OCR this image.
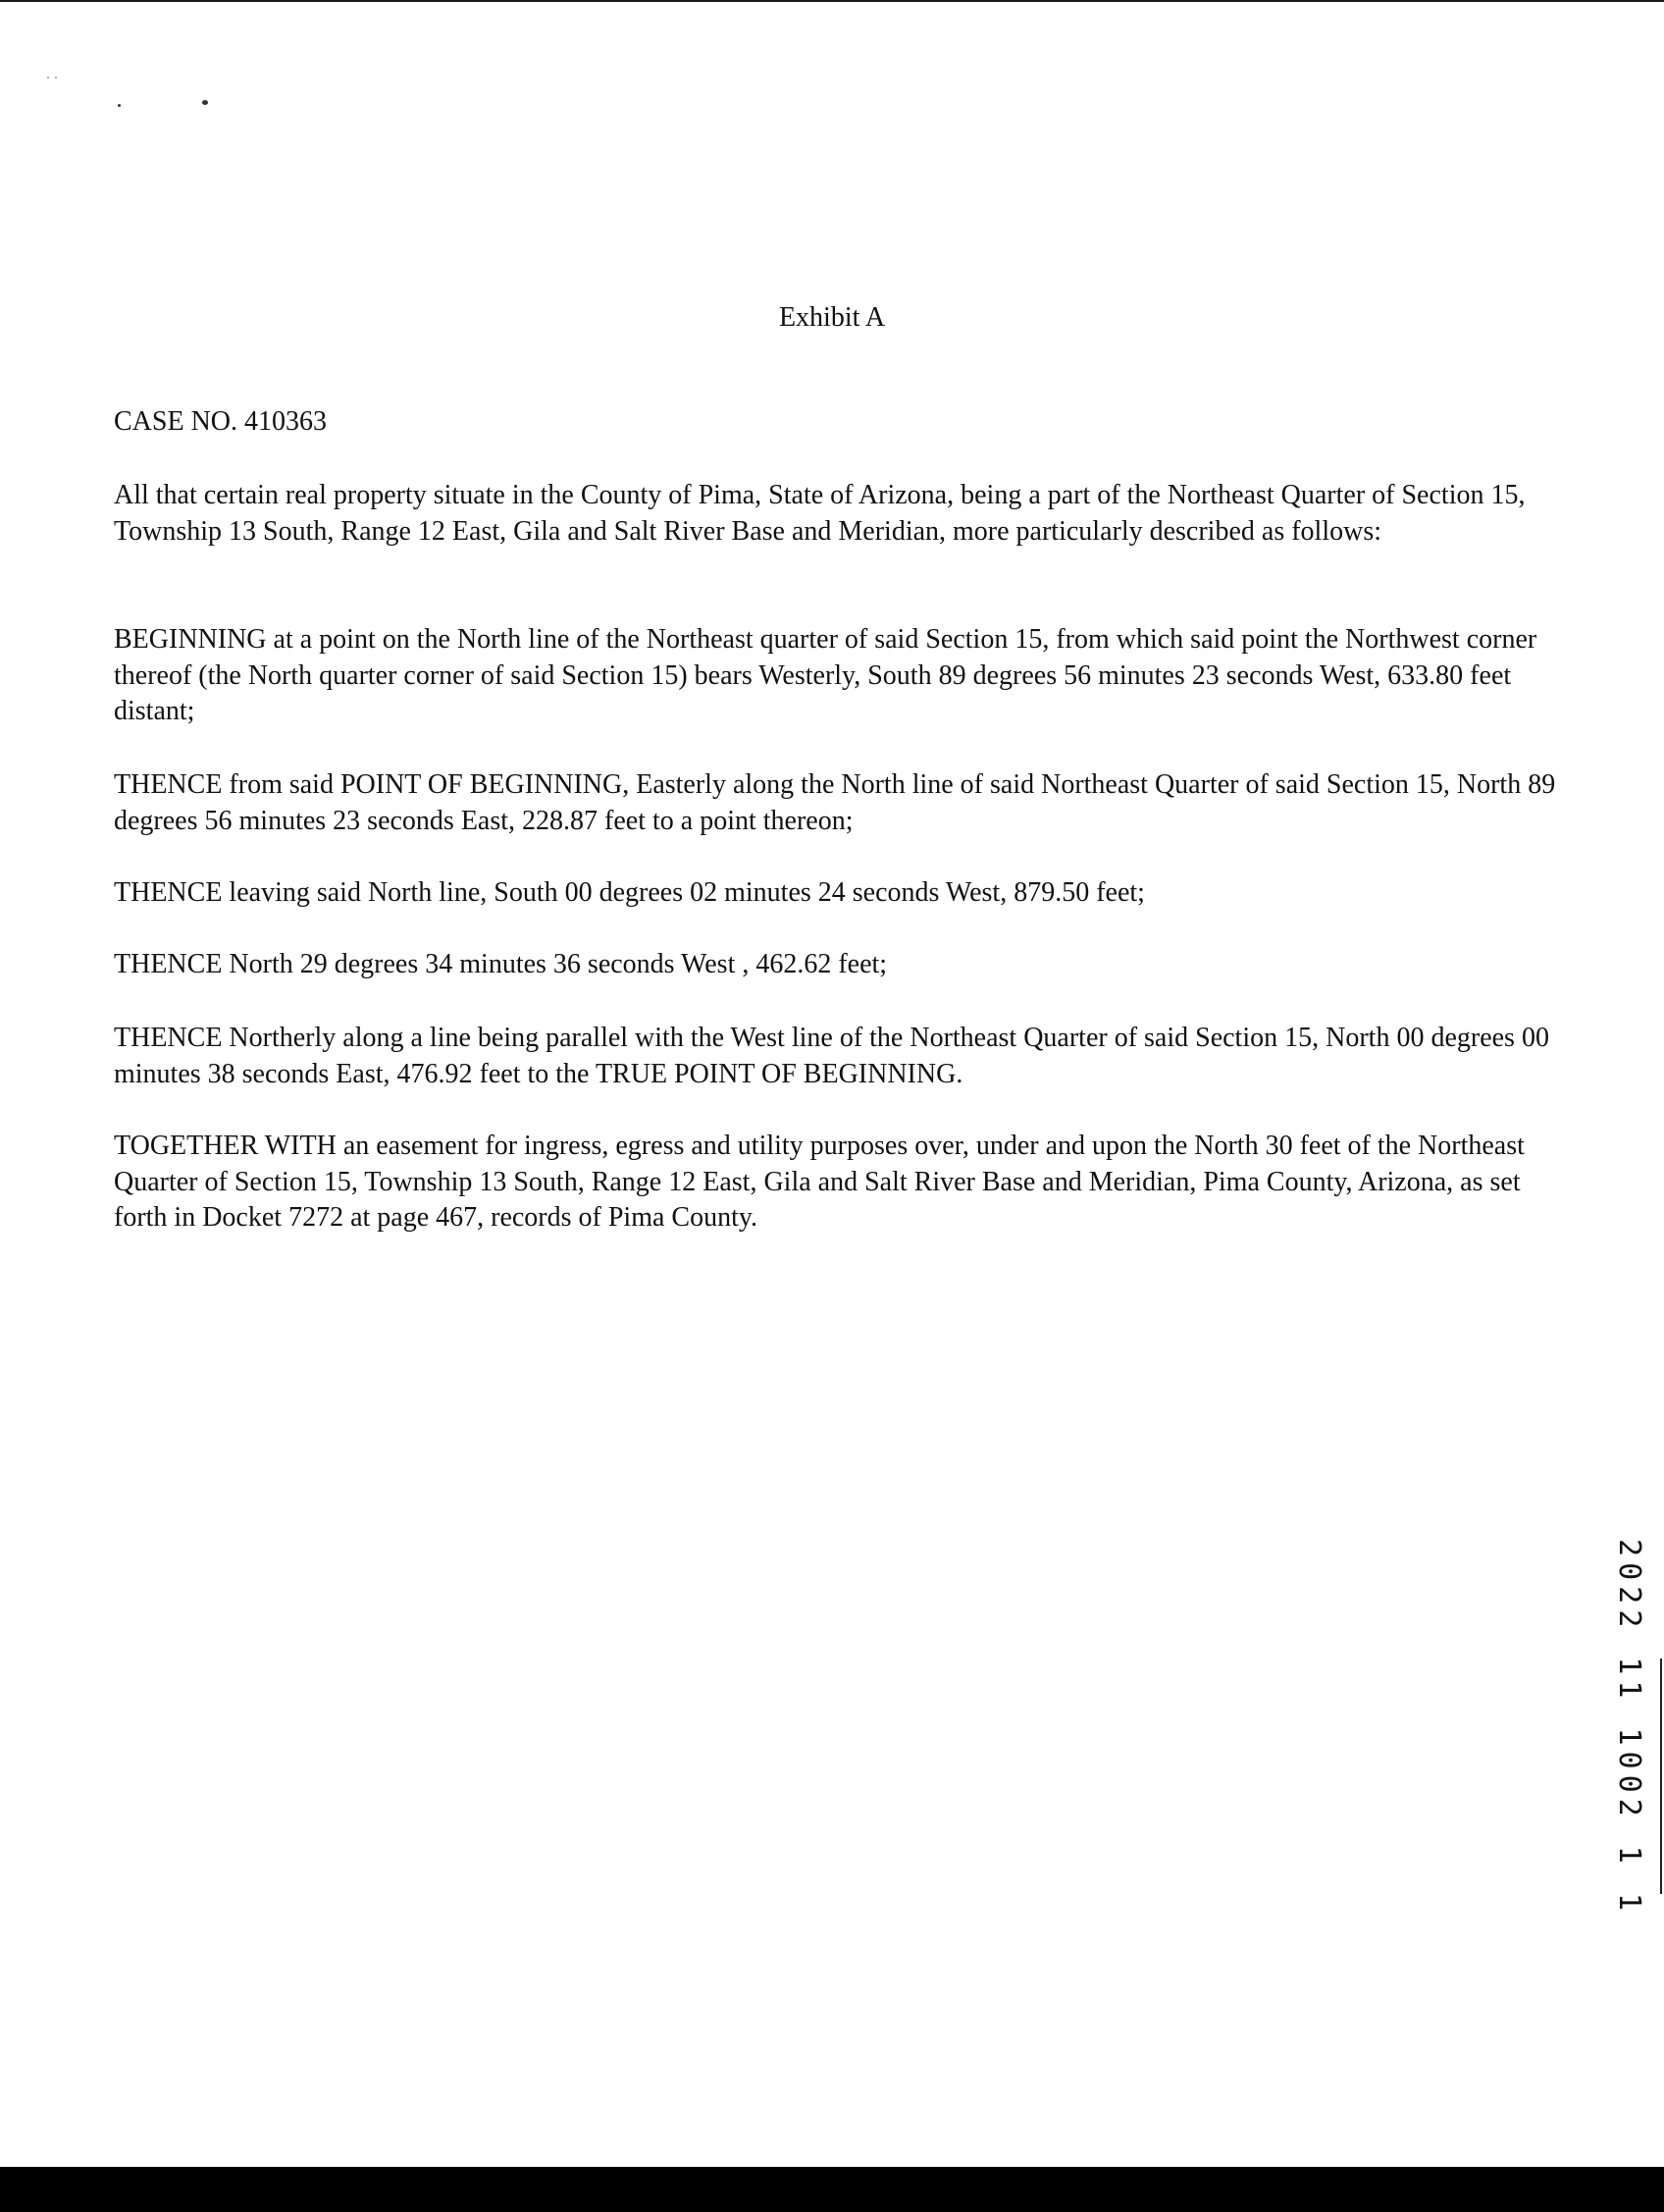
Exhibit A
CASE NO. 410363

All that certain real property situate in the County of Pima, State of Arizona, being a part of the Northeast Quarter of Section 15, Township 13 South, Range 12 East, Gila and Salt River Base and Meridian, more particularly described as follows:

BEGINNING at a point on the North line of the Northeast quarter of said Section 15, from which said point the Northwest corner thereof (the North quarter corner of said Section 15) bears Westerly, South 89 degrees 56 minutes 23 seconds West, 633.80 feet distant;

THENCE from said POINT OF BEGINNING, Easterly along the North line of said Northeast Quarter of said Section 15, North 89 degrees 56 minutes 23 seconds East, 228.87 feet to a point thereon;

THENCE leaving said North line, South 00 degrees 02 minutes 24 seconds West, 879.50 feet;

THENCE North 29 degrees 34 minutes 36 seconds West , 462.62 feet;

THENCE Northerly along a line being parallel with the West line of the Northeast Quarter of said Section 15, North 00 degrees 00 minutes 38 seconds East, 476.92 feet to the TRUE POINT OF BEGINNING.

TOGETHER WITH an easement for ingress, egress and utility purposes over, under and upon the North 30 feet of the Northeast Quarter of Section 15, Township 13 South, Range 12 East, Gila and Salt River Base and Meridian, Pima County, Arizona, as set forth in Docket 7272 at page 467, records of Pima County.

2022 11 1002 1 1
